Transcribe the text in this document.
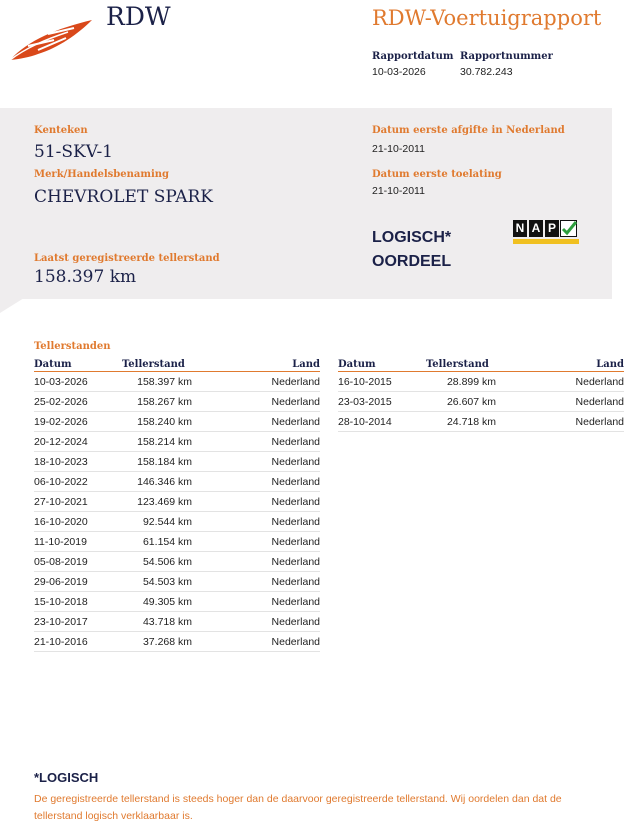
RDW	RDW-Voertuigrapport
Rapportdatum
10-03-2026
Rapportnummer
30.782.243
Kenteken
51-SKV-1
Merk/Handelsbenaming
CHEVROLET SPARK
Laatst geregistreerde tellerstand
158.397 km
Datum eerste afgifte in Nederland
21-10-2011
Datum eerste toelating
21-10-2011
LOGISCH*
OORDEEL
N A P
Tellerstanden
Datum	Tellerstand	Land
10-03-2026	158.397 km	Nederland
25-02-2026	158.267 km	Nederland
19-02-2026	158.240 km	Nederland
20-12-2024	158.214 km	Nederland
18-10-2023	158.184 km	Nederland
06-10-2022	146.346 km	Nederland
27-10-2021	123.469 km	Nederland
16-10-2020	92.544 km	Nederland
11-10-2019	61.154 km	Nederland
05-08-2019	54.506 km	Nederland
29-06-2019	54.503 km	Nederland
15-10-2018	49.305 km	Nederland
23-10-2017	43.718 km	Nederland
21-10-2016	37.268 km	Nederland
Datum	Tellerstand	Land
16-10-2015	28.899 km	Nederland
23-03-2015	26.607 km	Nederland
28-10-2014	24.718 km	Nederland
*LOGISCH
De geregistreerde tellerstand is steeds hoger dan de daarvoor geregistreerde tellerstand. Wij oordelen dan dat de tellerstand logisch verklaarbaar is.
